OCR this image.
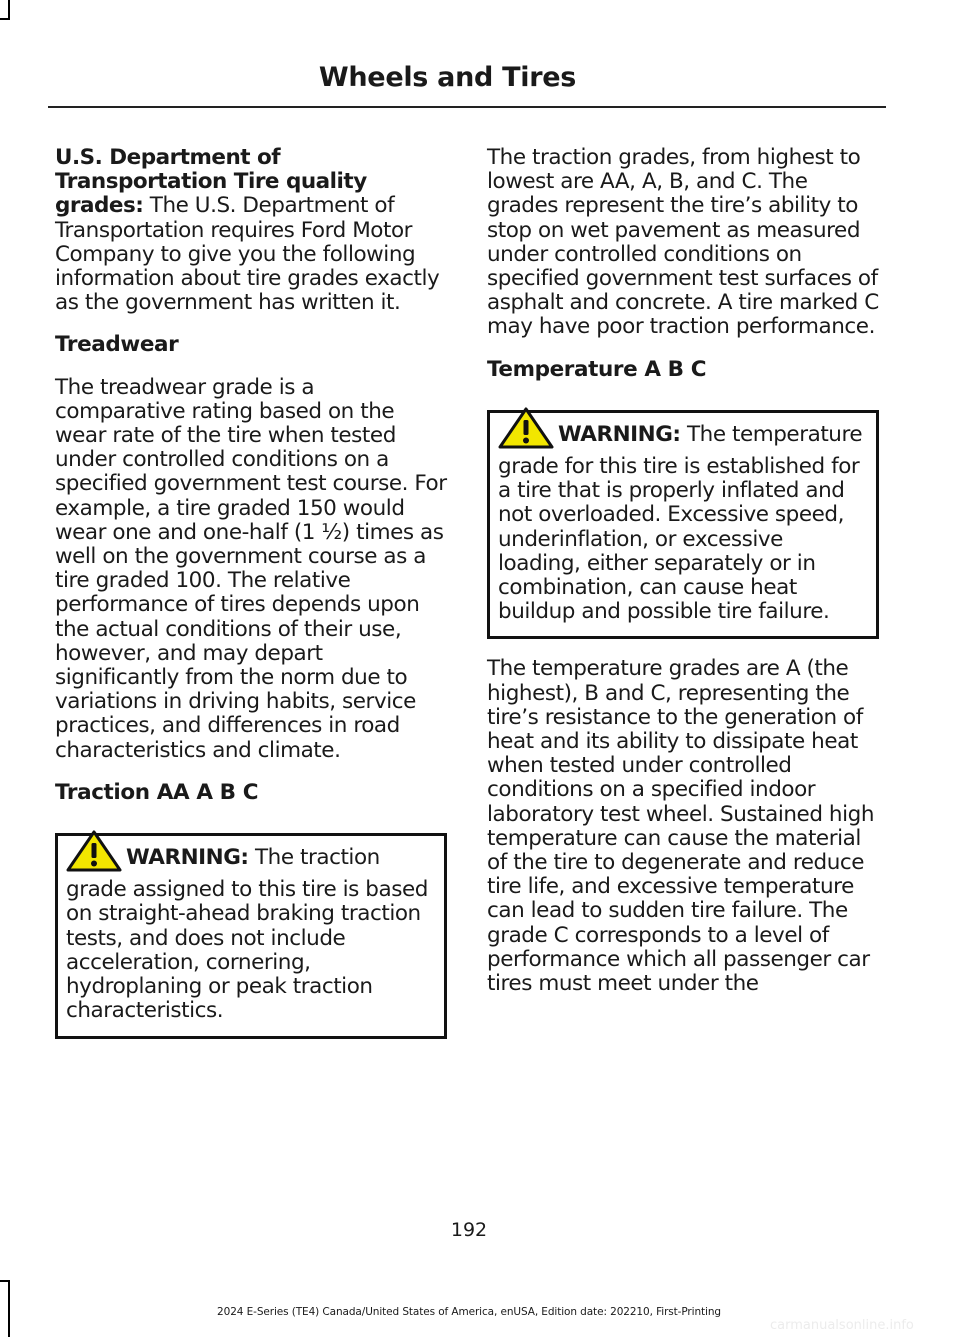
Wheels and Tires

U.S. Department of Transportation Tire quality grades: The U.S. Department of Transportation requires Ford Motor Company to give you the following information about tire grades exactly as the government has written it.

Treadwear

The treadwear grade is a comparative rating based on the wear rate of the tire when tested under controlled conditions on a specified government test course. For example, a tire graded 150 would wear one and one-half (1 ½) times as well on the government course as a tire graded 100. The relative performance of tires depends upon the actual conditions of their use, however, and may depart significantly from the norm due to variations in driving habits, service practices, and differences in road characteristics and climate.

Traction AA A B C

WARNING: The traction grade assigned to this tire is based on straight-ahead braking traction tests, and does not include acceleration, cornering, hydroplaning or peak traction characteristics.

The traction grades, from highest to lowest are AA, A, B, and C. The grades represent the tire’s ability to stop on wet pavement as measured under controlled conditions on specified government test surfaces of asphalt and concrete. A tire marked C may have poor traction performance.

Temperature A B C

WARNING: The temperature grade for this tire is established for a tire that is properly inflated and not overloaded. Excessive speed, underinflation, or excessive loading, either separately or in combination, can cause heat buildup and possible tire failure.

The temperature grades are A (the highest), B and C, representing the tire’s resistance to the generation of heat and its ability to dissipate heat when tested under controlled conditions on a specified indoor laboratory test wheel. Sustained high temperature can cause the material of the tire to degenerate and reduce tire life, and excessive temperature can lead to sudden tire failure. The grade C corresponds to a level of performance which all passenger car tires must meet under the

192
2024 E-Series (TE4) Canada/United States of America, enUSA, Edition date: 202210, First-Printing
carmanualsonline.info
